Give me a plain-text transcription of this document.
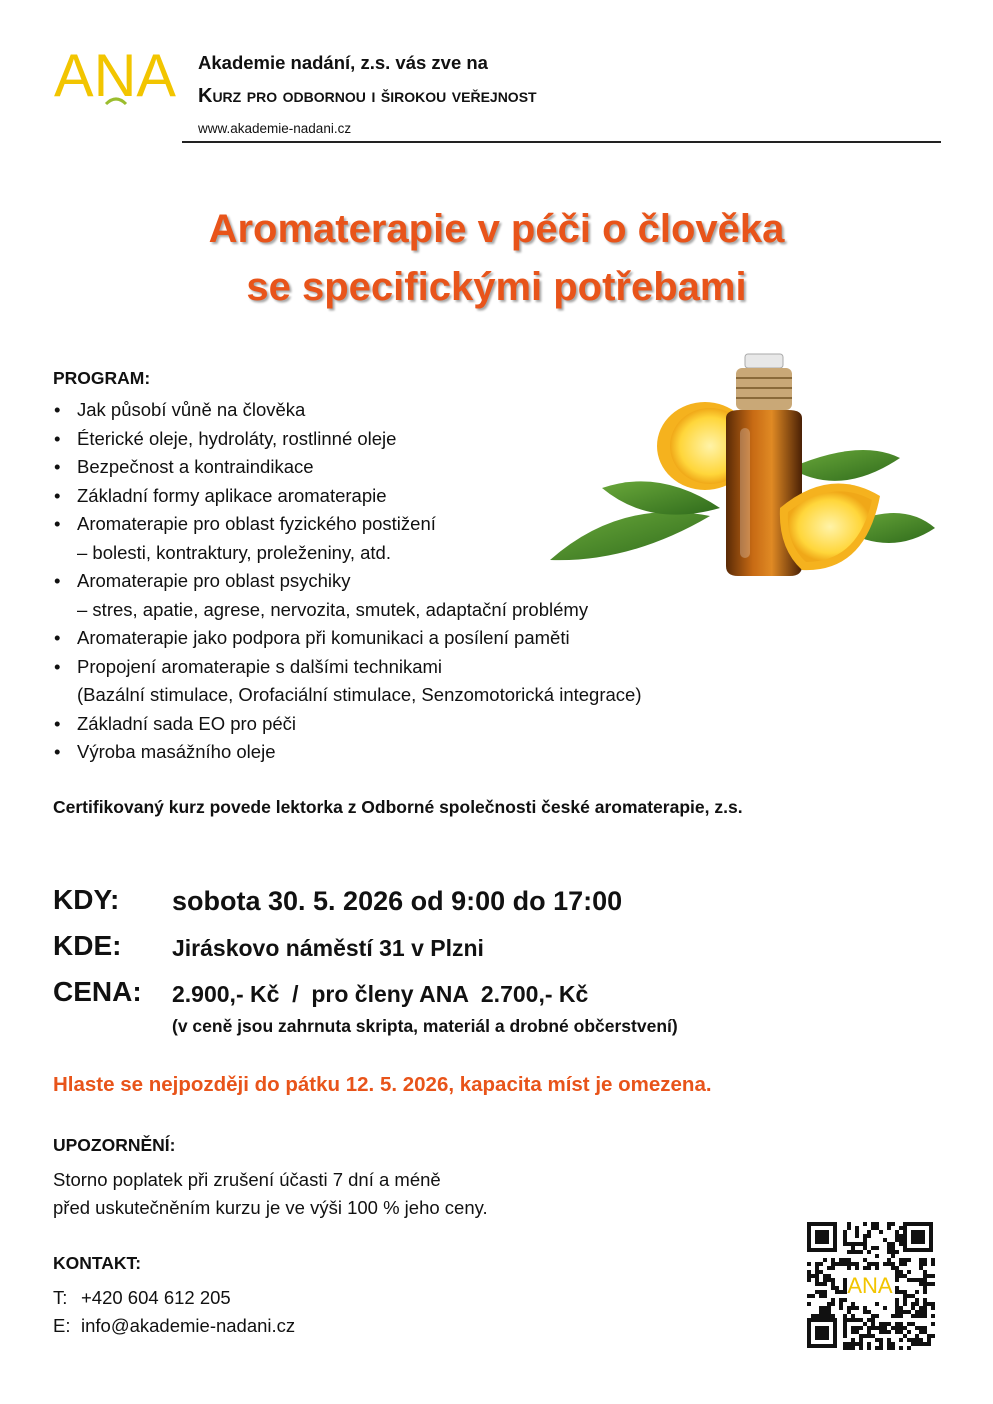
ANA Akademie nadání, z.s. vás zve na
Kurz pro odbornou i širokou veřejnost
www.akademie-nadani.cz
Aromaterapie v péči o člověka
se specifickými potřebami
PROGRAM:
• Jak působí vůně na člověka
• Éterické oleje, hydroláty, rostlinné oleje
• Bezpečnost a kontraindikace
• Základní formy aplikace aromaterapie
• Aromaterapie pro oblast fyzického postižení
– bolesti, kontraktury, proleženiny, atd.
• Aromaterapie pro oblast psychiky
– stres, apatie, agrese, nervozita, smutek, adaptační problémy
• Aromaterapie jako podpora při komunikaci a posílení paměti
• Propojení aromaterapie s dalšími technikami
(Bazální stimulace, Orofaciální stimulace, Senzomotorická integrace)
• Základní sada EO pro péči
• Výroba masážního oleje
Certifikovaný kurz povede lektorka z Odborné společnosti české aromaterapie, z.s.
KDY: sobota 30. 5. 2026 od 9:00 do 17:00
KDE: Jiráskovo náměstí 31 v Plzni
CENA: 2.900,- Kč  /  pro členy ANA  2.700,- Kč
(v ceně jsou zahrnuta skripta, materiál a drobné občerstvení)
Hlaste se nejpozději do pátku 12. 5. 2026, kapacita míst je omezena.
UPOZORNĚNÍ:
Storno poplatek při zrušení účasti 7 dní a méně
před uskutečněním kurzu je ve výši 100 % jeho ceny.
KONTAKT:
T: +420 604 612 205
E: info@akademie-nadani.cz
ANA
